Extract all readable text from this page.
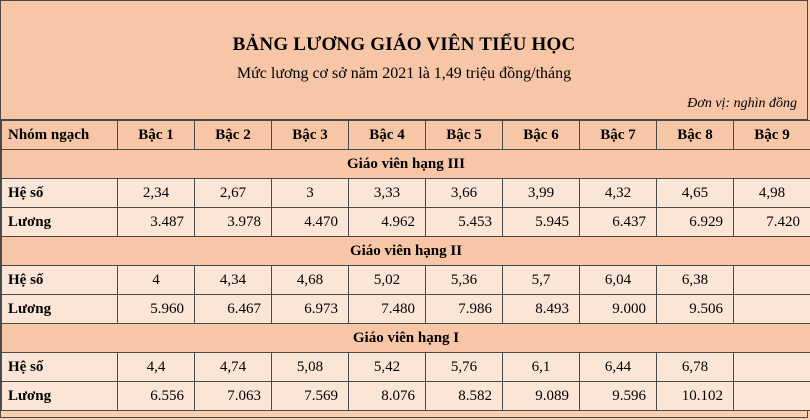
BẢNG LƯƠNG GIÁO VIÊN TIỂU HỌC
Mức lương cơ sở năm 2021 là 1,49 triệu đồng/tháng
Đơn vị: nghìn đồng
Nhóm ngạch	Bậc 1	Bậc 2	Bậc 3	Bậc 4	Bậc 5	Bậc 6	Bậc 7	Bậc 8	Bậc 9
Giáo viên hạng III									
Hệ số	2,34	2,67	3	3,33	3,66	3,99	4,32	4,65	4,98
Lương	3.487	3.978	4.470	4.962	5.453	5.945	6.437	6.929	7.420
Giáo viên hạng II									
Hệ số	4	4,34	4,68	5,02	5,36	5,7	6,04	6,38	
Lương	5.960	6.467	6.973	7.480	7.986	8.493	9.000	9.506	
Giáo viên hạng I									
Hệ số	4,4	4,74	5,08	5,42	5,76	6,1	6,44	6,78	
Lương	6.556	7.063	7.569	8.076	8.582	9.089	9.596	10.102	
